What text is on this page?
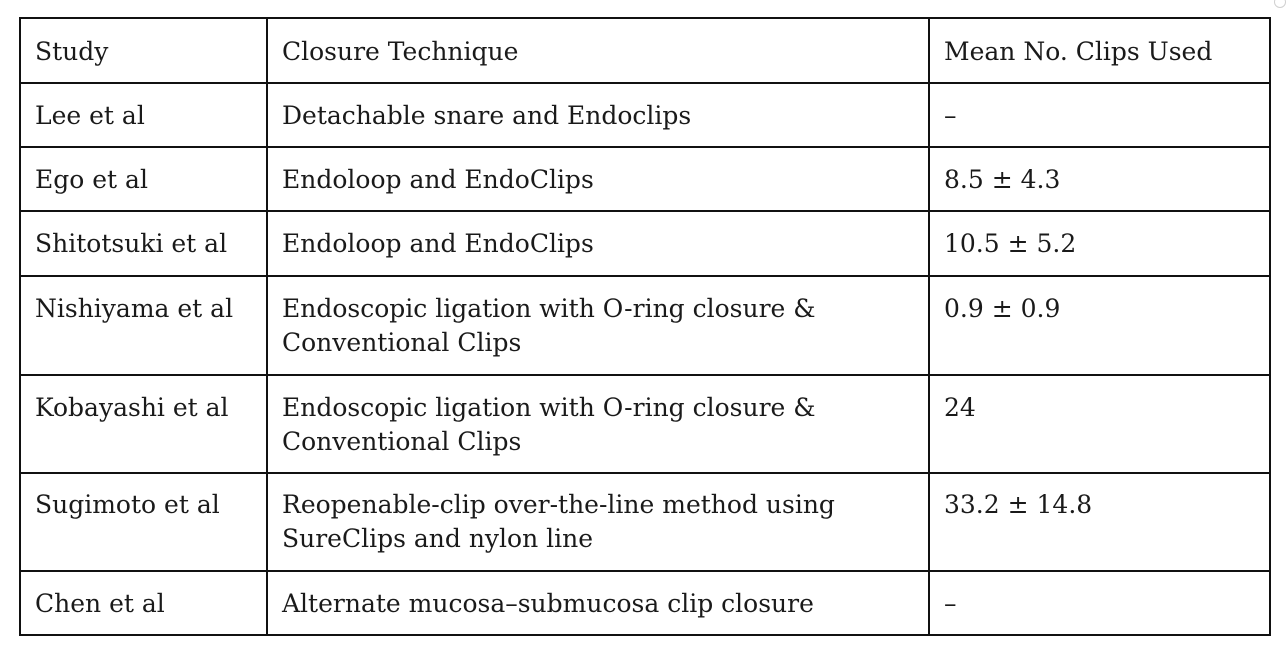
Study	Closure Technique	Mean No. Clips Used
Lee et al	Detachable snare and Endoclips	–
Ego et al	Endoloop and EndoClips	8.5 ± 4.3
Shitotsuki et al	Endoloop and EndoClips	10.5 ± 5.2
Nishiyama et al	Endoscopic ligation with O-ring closure & Conventional Clips	0.9 ± 0.9
Kobayashi et al	Endoscopic ligation with O-ring closure & Conventional Clips	24
Sugimoto et al	Reopenable-clip over-the-line method using SureClips and nylon line	33.2 ± 14.8
Chen et al	Alternate mucosa–submucosa clip closure	–
